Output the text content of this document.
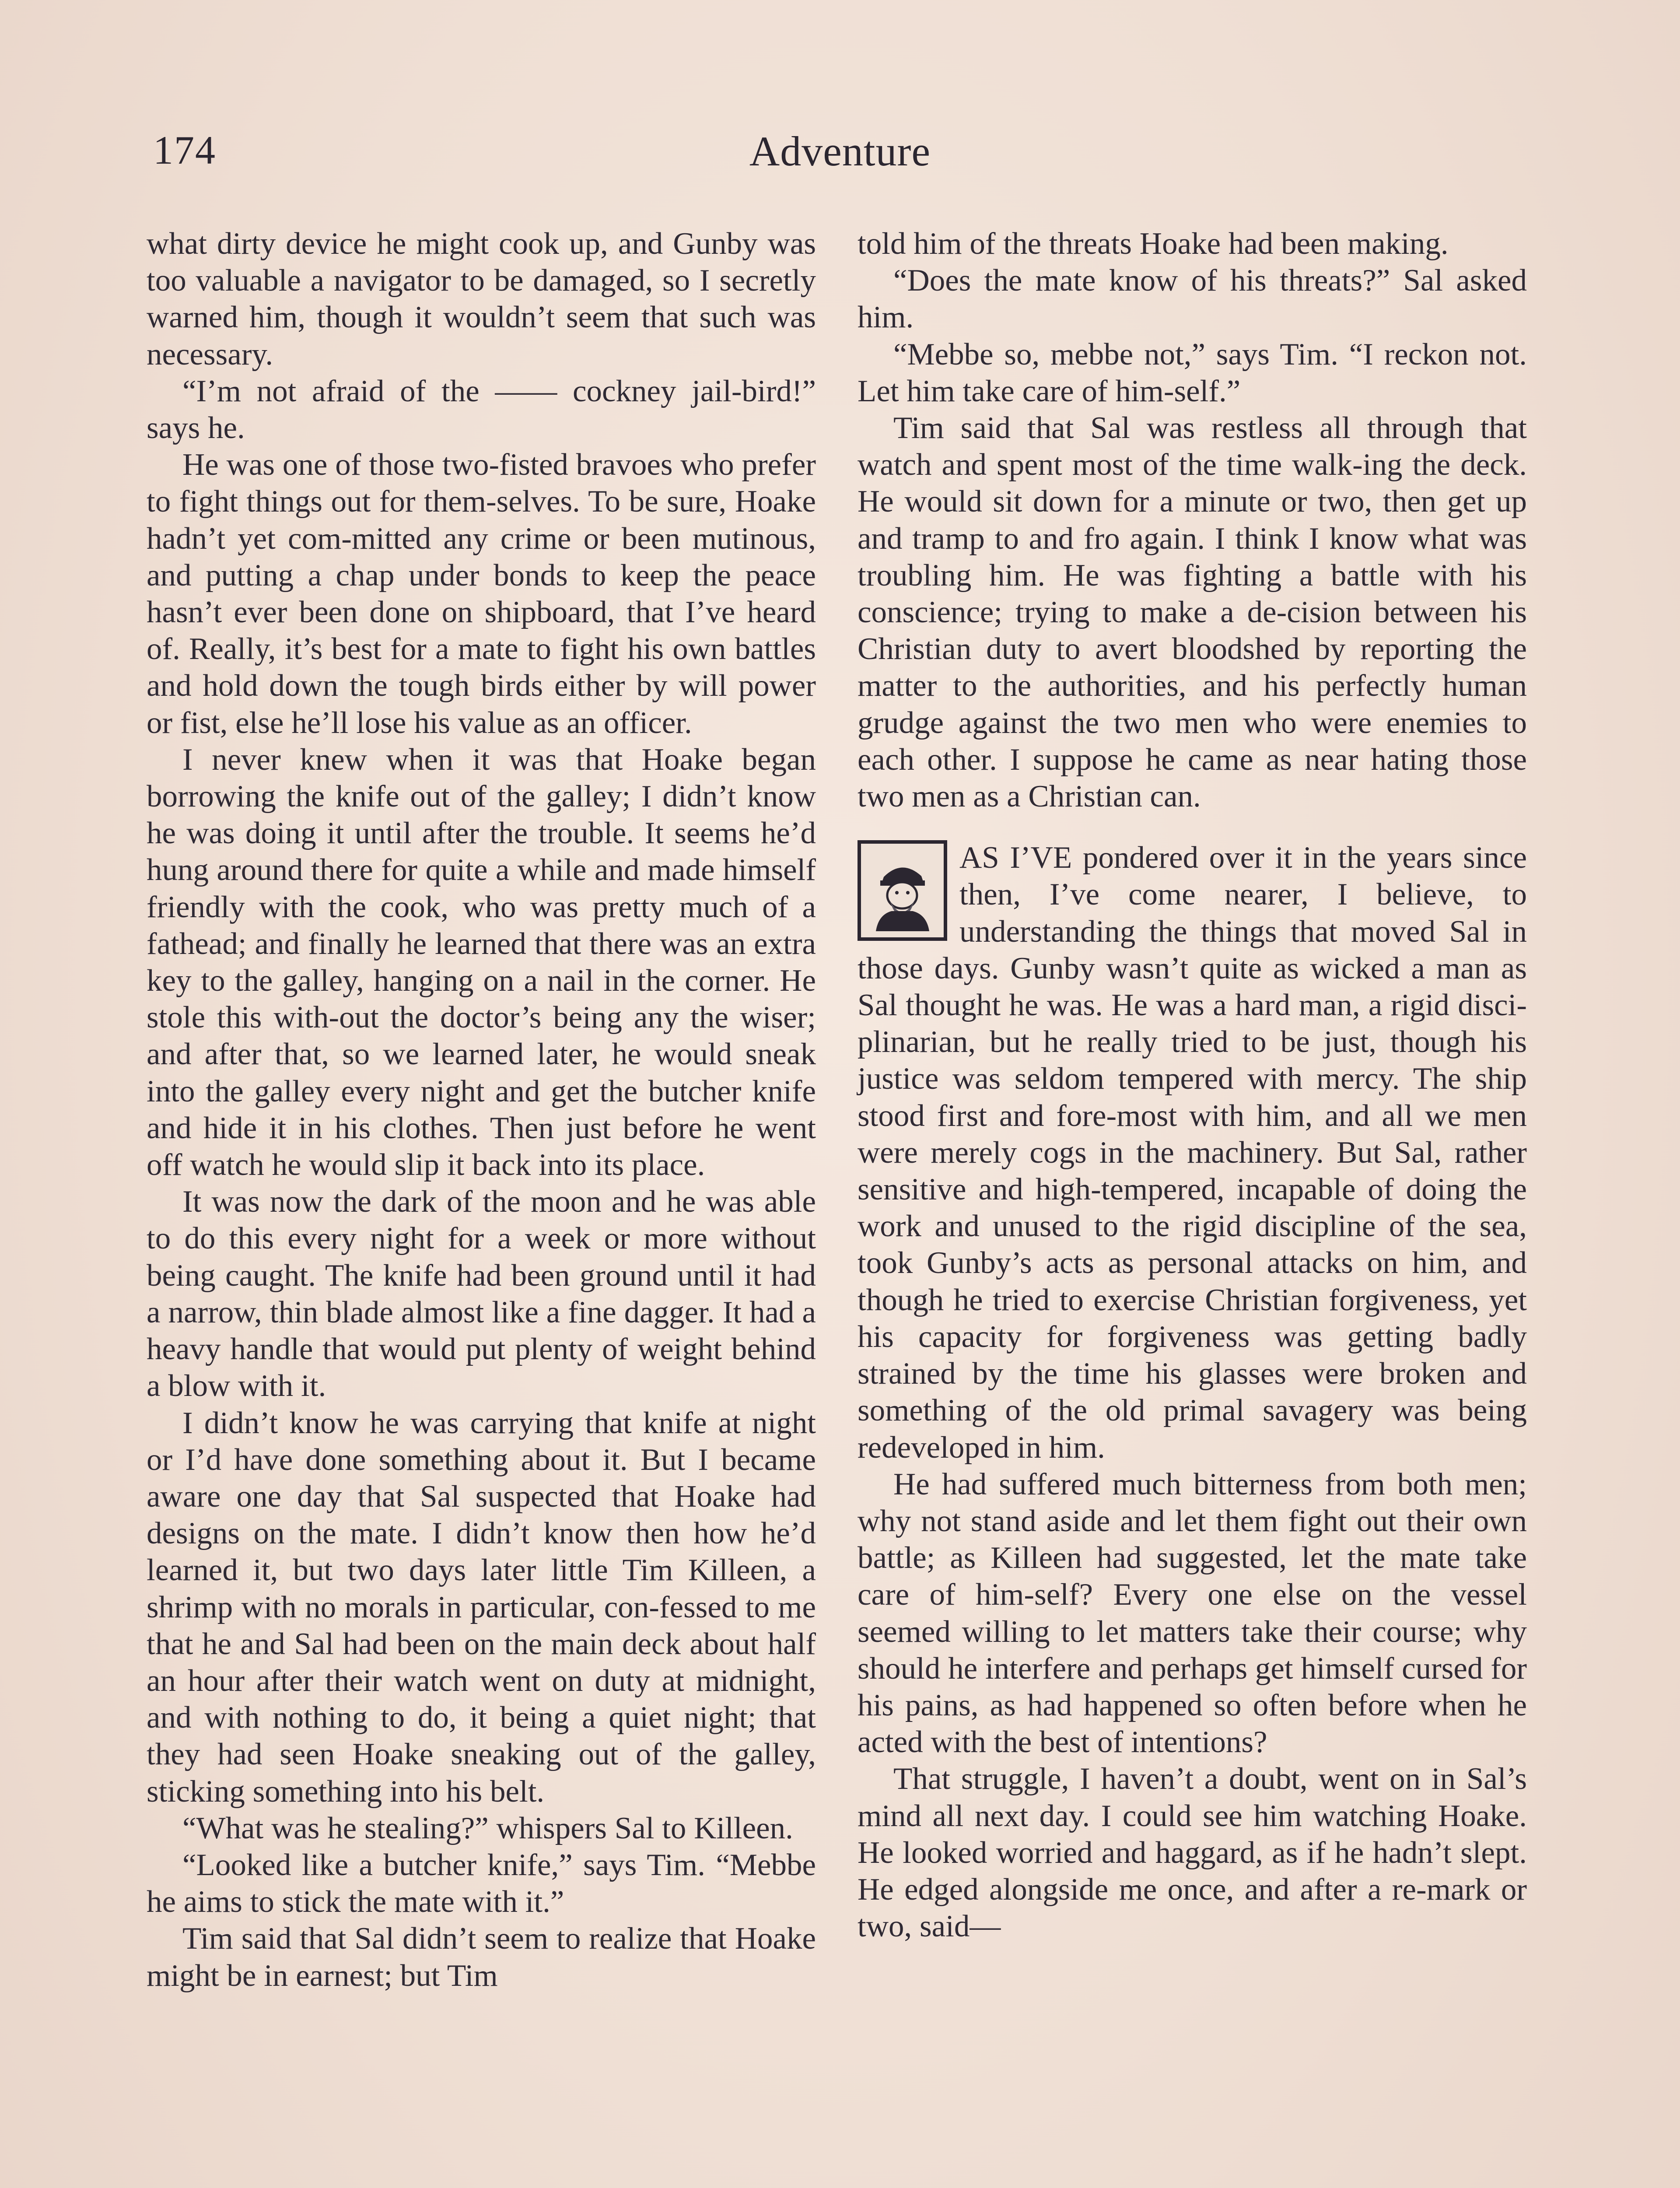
174	Adventure

what dirty device he might cook up, and Gunby was too valuable a navigator to be damaged, so I secretly warned him, though it wouldn’t seem that such was necessary.

“I’m not afraid of the —— cockney jail-bird!” says he.

He was one of those two-fisted bravoes who prefer to fight things out for them-selves. To be sure, Hoake hadn’t yet com-mitted any crime or been mutinous, and putting a chap under bonds to keep the peace hasn’t ever been done on shipboard, that I’ve heard of. Really, it’s best for a mate to fight his own battles and hold down the tough birds either by will power or fist, else he’ll lose his value as an officer.

I never knew when it was that Hoake began borrowing the knife out of the galley; I didn’t know he was doing it until after the trouble. It seems he’d hung around there for quite a while and made himself friendly with the cook, who was pretty much of a fathead; and finally he learned that there was an extra key to the galley, hanging on a nail in the corner. He stole this with-out the doctor’s being any the wiser; and after that, so we learned later, he would sneak into the galley every night and get the butcher knife and hide it in his clothes. Then just before he went off watch he would slip it back into its place.

It was now the dark of the moon and he was able to do this every night for a week or more without being caught. The knife had been ground until it had a narrow, thin blade almost like a fine dagger. It had a heavy handle that would put plenty of weight behind a blow with it.

I didn’t know he was carrying that knife at night or I’d have done something about it. But I became aware one day that Sal suspected that Hoake had designs on the mate. I didn’t know then how he’d learned it, but two days later little Tim Killeen, a shrimp with no morals in particular, con-fessed to me that he and Sal had been on the main deck about half an hour after their watch went on duty at midnight, and with nothing to do, it being a quiet night; that they had seen Hoake sneaking out of the galley, sticking something into his belt.

“What was he stealing?” whispers Sal to Killeen.

“Looked like a butcher knife,” says Tim. “Mebbe he aims to stick the mate with it.”

Tim said that Sal didn’t seem to realize that Hoake might be in earnest; but Tim

told him of the threats Hoake had been making.

“Does the mate know of his threats?” Sal asked him.

“Mebbe so, mebbe not,” says Tim. “I reckon not. Let him take care of him-self.”

Tim said that Sal was restless all through that watch and spent most of the time walk-ing the deck. He would sit down for a minute or two, then get up and tramp to and fro again. I think I know what was troubling him. He was fighting a battle with his conscience; trying to make a de-cision between his Christian duty to avert bloodshed by reporting the matter to the authorities, and his perfectly human grudge against the two men who were enemies to each other. I suppose he came as near hating those two men as a Christian can.

AS I’VE pondered over it in the years since then, I’ve come nearer, I believe, to understanding the things that moved Sal in those days. Gunby wasn’t quite as wicked a man as Sal thought he was. He was a hard man, a rigid disci-plinarian, but he really tried to be just, though his justice was seldom tempered with mercy. The ship stood first and fore-most with him, and all we men were merely cogs in the machinery. But Sal, rather sensitive and high-tempered, incapable of doing the work and unused to the rigid discipline of the sea, took Gunby’s acts as personal attacks on him, and though he tried to exercise Christian forgiveness, yet his capacity for forgiveness was getting badly strained by the time his glasses were broken and something of the old primal savagery was being redeveloped in him.

He had suffered much bitterness from both men; why not stand aside and let them fight out their own battle; as Killeen had suggested, let the mate take care of him-self? Every one else on the vessel seemed willing to let matters take their course; why should he interfere and perhaps get himself cursed for his pains, as had happened so often before when he acted with the best of intentions?

That struggle, I haven’t a doubt, went on in Sal’s mind all next day. I could see him watching Hoake. He looked worried and haggard, as if he hadn’t slept. He edged alongside me once, and after a re-mark or two, said—
